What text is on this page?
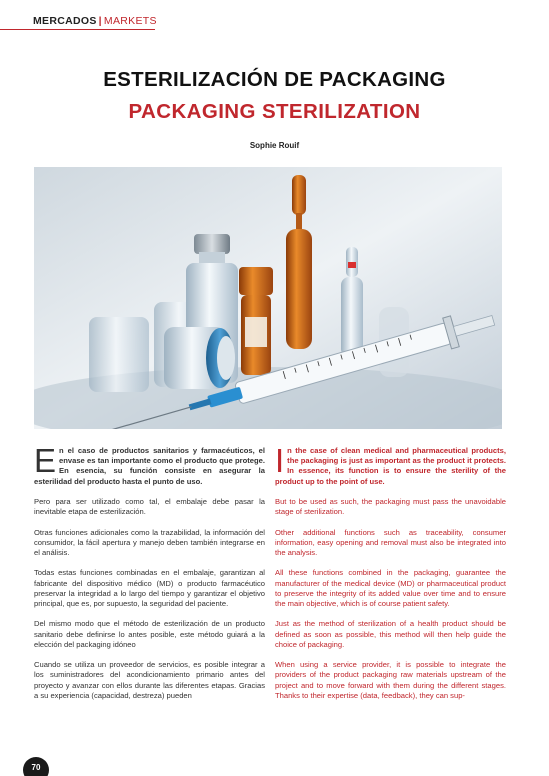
MERCADOS | MARKETS
ESTERILIZACIÓN DE PACKAGING
PACKAGING STERILIZATION
Sophie Rouif

En el caso de productos sanitarios y farmacéuticos, el envase es tan importante como el producto que protege. En esencia, su función consiste en asegurar la esterilidad del producto hasta el punto de uso.

Pero para ser utilizado como tal, el embalaje debe pasar la inevitable etapa de esterilización.

Otras funciones adicionales como la trazabilidad, la información del consumidor, la fácil apertura y manejo deben también integrarse en el análisis.

Todas estas funciones combinadas en el embalaje, garantizan al fabricante del dispositivo médico (MD) o producto farmacéutico preservar la integridad a lo largo del tiempo y garantizar el objetivo principal, que es, por supuesto, la seguridad del paciente.

Del mismo modo que el método de esterilización de un producto sanitario debe definirse lo antes posible, este método guiará a la elección del packaging idóneo

Cuando se utiliza un proveedor de servicios, es posible integrar a los suministradores del acondicionamiento primario antes del proyecto y avanzar con ellos durante las diferentes etapas. Gracias a su experiencia (capacidad, destreza) pueden

In the case of clean medical and pharmaceutical products, the packaging is just as important as the product it protects. In essence, its function is to ensure the sterility of the product up to the point of use.

But to be used as such, the packaging must pass the unavoidable stage of sterilization.

Other additional functions such as traceability, consumer information, easy opening and removal must also be integrated into the analysis.

All these functions combined in the packaging, guarantee the manufacturer of the medical device (MD) or pharmaceutical product to preserve the integrity of its added value over time and to ensure the main objective, which is of course patient safety.

Just as the method of sterilization of a health product should be defined as soon as possible, this method will then help guide the choice of packaging.

When using a service provider, it is possible to integrate the providers of the product packaging raw materials upstream of the project and to move forward with them during the different stages. Thanks to their expertise (data, feedback), they can sup-

70
